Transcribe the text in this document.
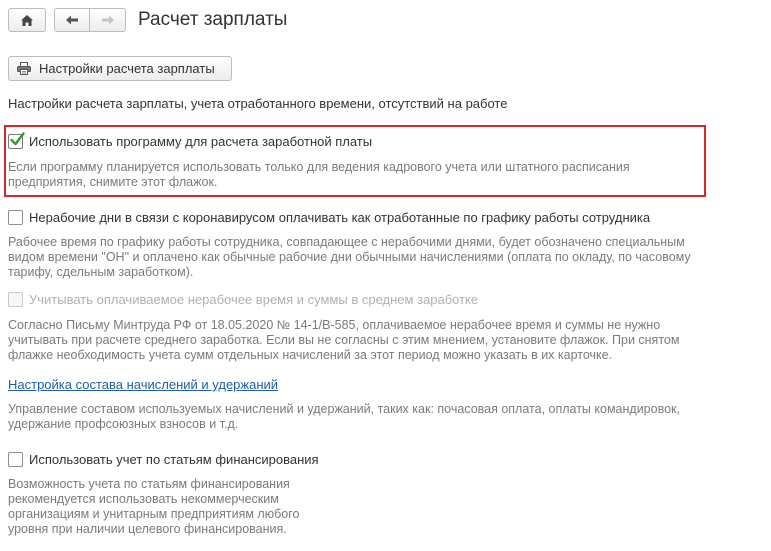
Расчет зарплаты
Настройки расчета зарплаты
Настройки расчета зарплаты, учета отработанного времени, отсутствий на работе
Использовать программу для расчета заработной платы
Если программу планируется использовать только для ведения кадрового учета или штатного расписания
предприятия, снимите этот флажок.
Нерабочие дни в связи с коронавирусом оплачивать как отработанные по графику работы сотрудника
Рабочее время по графику работы сотрудника, совпадающее с нерабочими днями, будет обозначено специальным
видом времени "ОН" и оплачено как обычные рабочие дни обычными начислениями (оплата по окладу, по часовому
тарифу, сдельным заработком).
Учитывать оплачиваемое нерабочее время и суммы в среднем заработке
Согласно Письму Минтруда РФ от 18.05.2020 № 14-1/В-585, оплачиваемое нерабочее время и суммы не нужно
учитывать при расчете среднего заработка. Если вы не согласны с этим мнением, установите флажок. При снятом
флажке необходимость учета сумм отдельных начислений за этот период можно указать в их карточке.
Настройка состава начислений и удержаний
Управление составом используемых начислений и удержаний, таких как: почасовая оплата, оплаты командировок,
удержание профсоюзных взносов и т.д.
Использовать учет по статьям финансирования
Возможность учета по статьям финансирования
рекомендуется использовать некоммерческим
организациям и унитарным предприятиям любого
уровня при наличии целевого финансирования.
